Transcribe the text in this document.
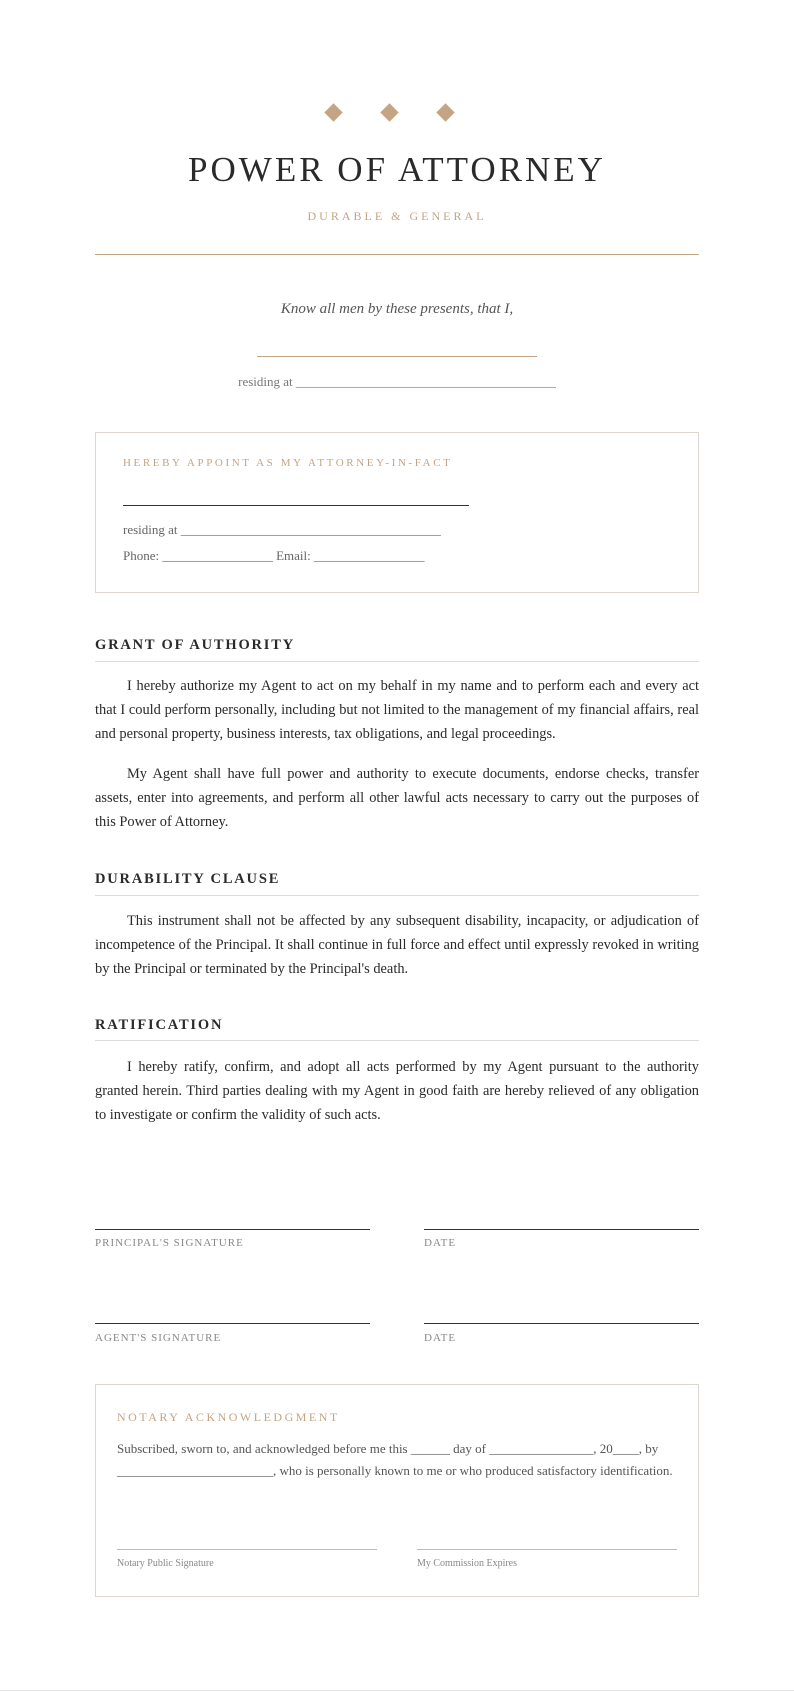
POWER OF ATTORNEY
DURABLE & GENERAL
Know all men by these presents, that I,
residing at ________________________________________
HEREBY APPOINT AS MY ATTORNEY-IN-FACT
residing at ________________________________________
Phone: _________________ Email: _________________
GRANT OF AUTHORITY

I hereby authorize my Agent to act on my behalf in my name and to perform each and every act that I could perform personally, including but not limited to the management of my financial affairs, real and personal property, business interests, tax obligations, and legal proceedings.

My Agent shall have full power and authority to execute documents, endorse checks, transfer assets, enter into agreements, and perform all other lawful acts necessary to carry out the purposes of this Power of Attorney.

DURABILITY CLAUSE

This instrument shall not be affected by any subsequent disability, incapacity, or adjudication of incompetence of the Principal. It shall continue in full force and effect until expressly revoked in writing by the Principal or terminated by the Principal's death.

RATIFICATION

I hereby ratify, confirm, and adopt all acts performed by my Agent pursuant to the authority granted herein. Third parties dealing with my Agent in good faith are hereby relieved of any obligation to investigate or confirm the validity of such acts.

PRINCIPAL'S SIGNATURE	DATE
AGENT'S SIGNATURE	DATE
NOTARY ACKNOWLEDGMENT

Subscribed, sworn to, and acknowledged before me this ______ day of ________________, 20____, by ________________________, who is personally known to me or who produced satisfactory identification.

Notary Public Signature	My Commission Expires
